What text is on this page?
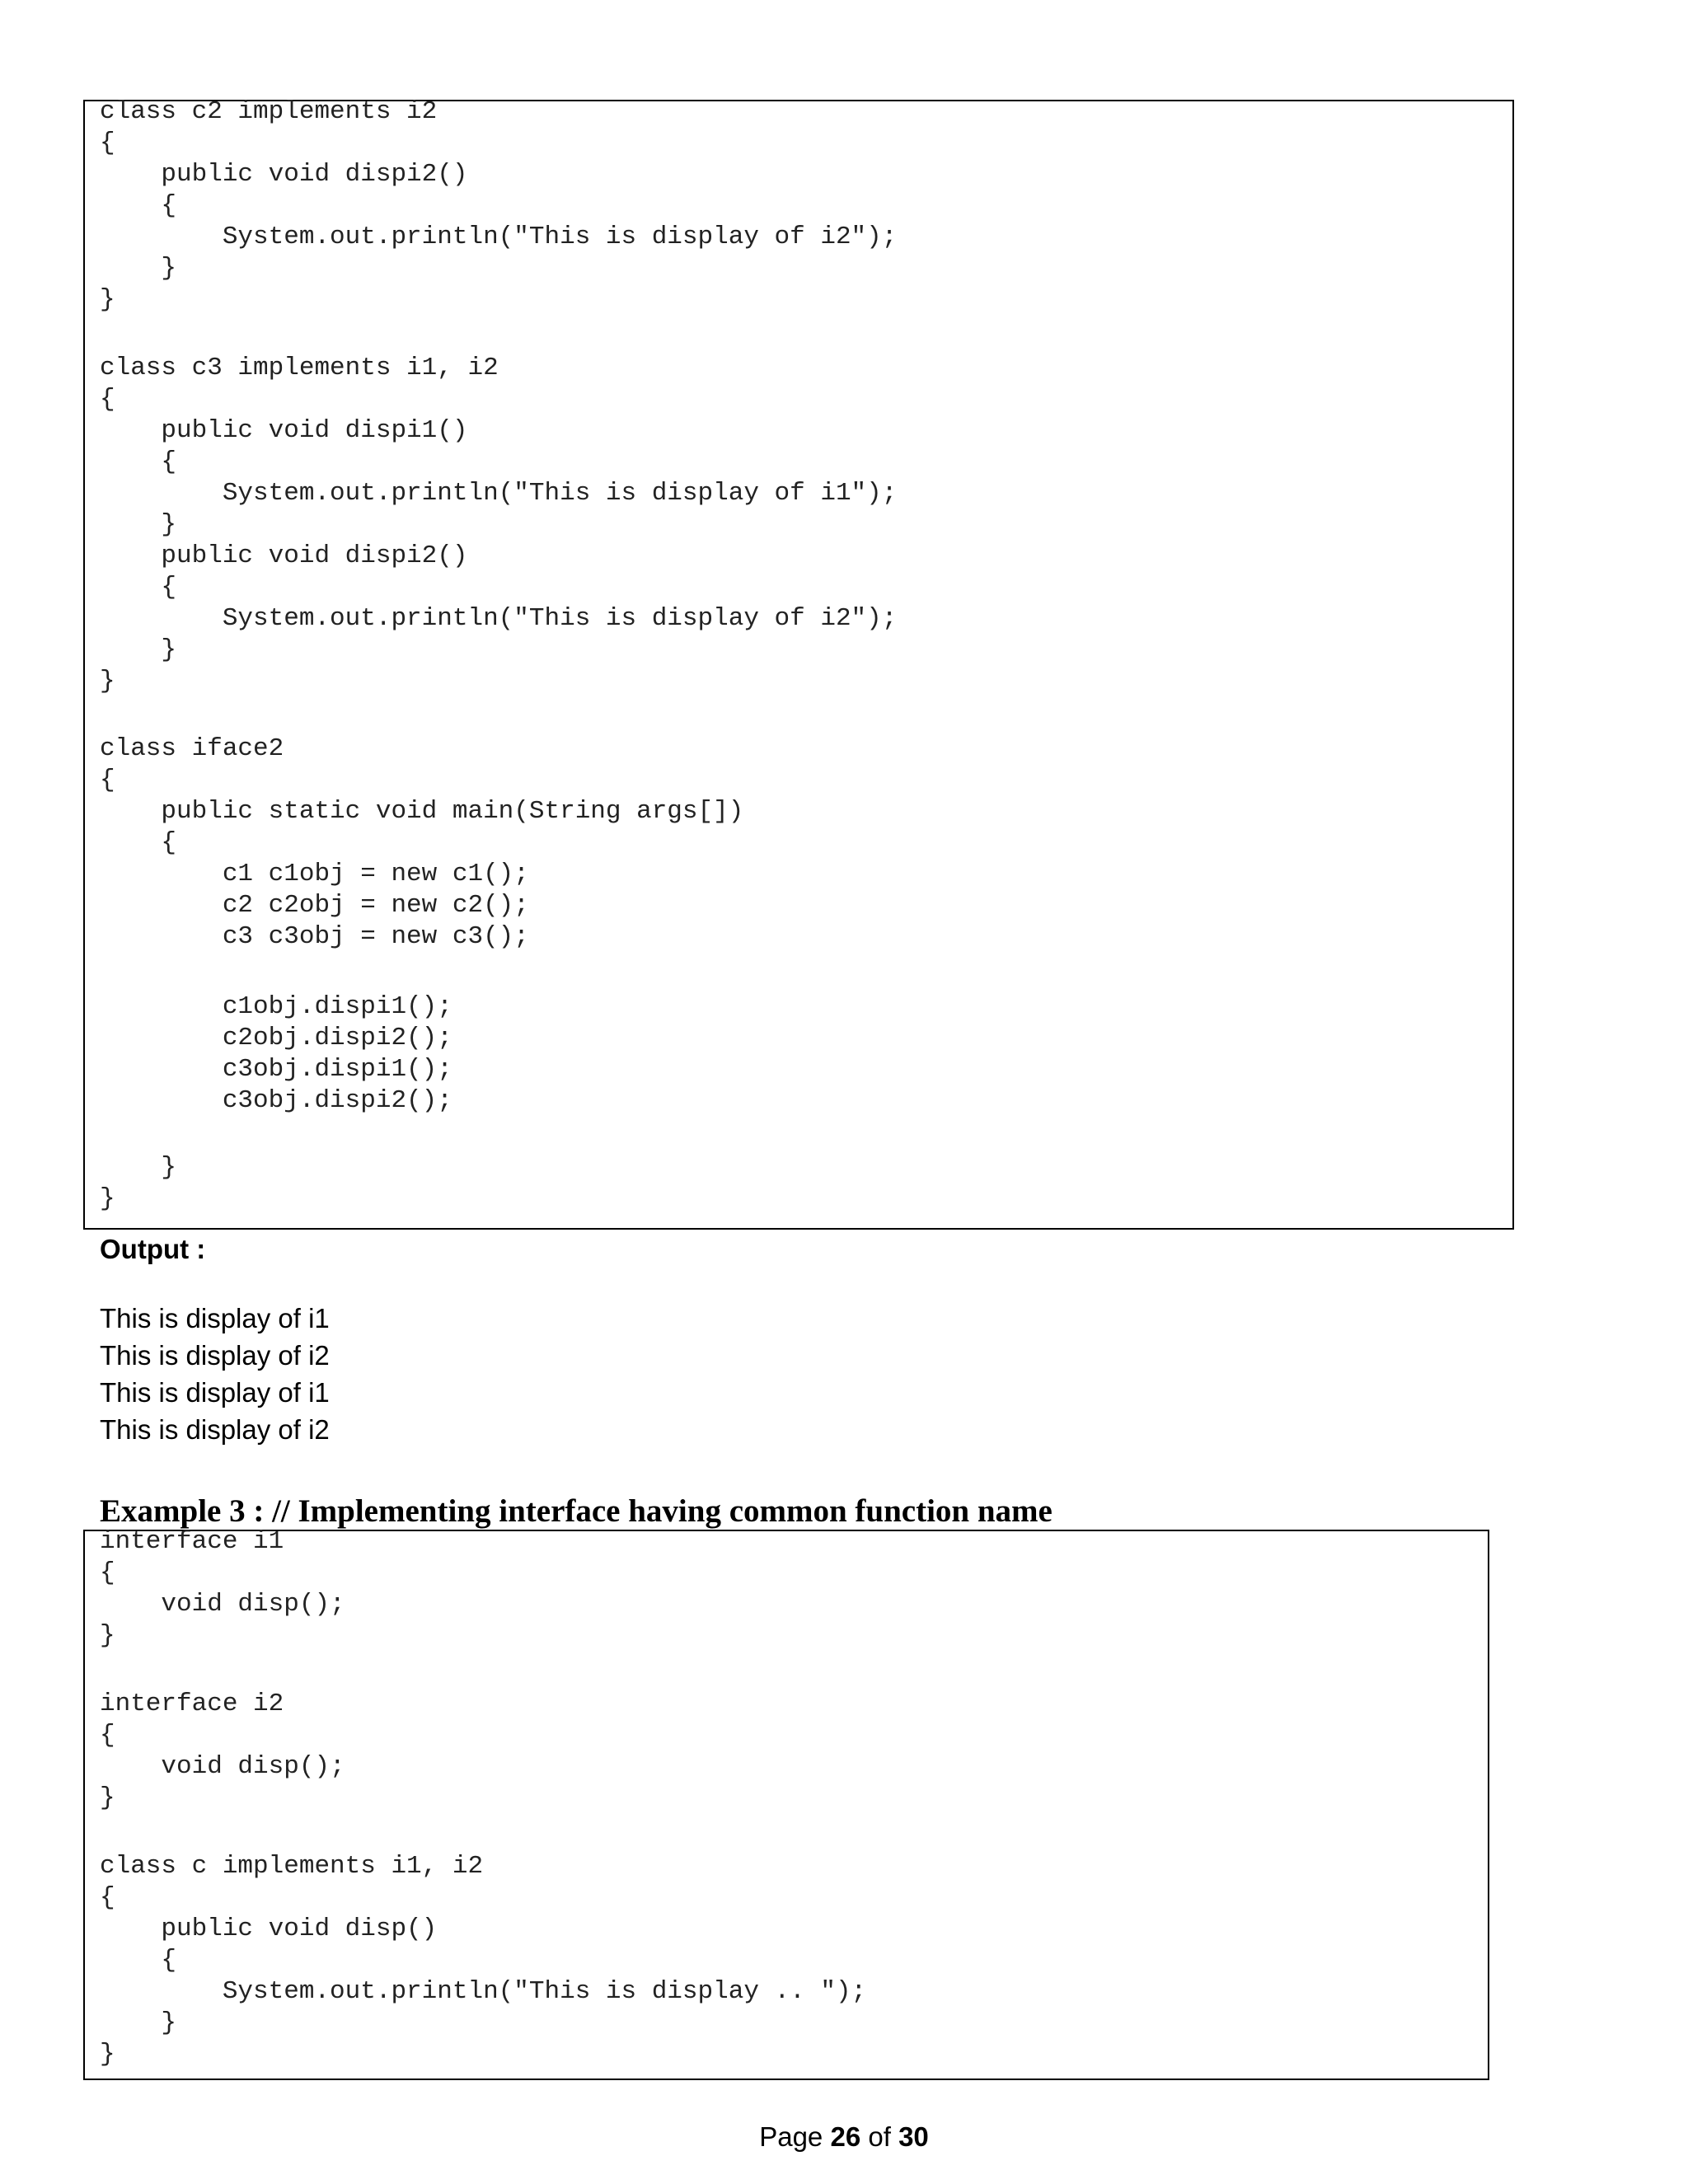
class c2 implements i2
{
public void dispi2()
{
System.out.println("This is display of i2");
}
}
class c3 implements i1, i2
{
public void dispi1()
{
System.out.println("This is display of i1");
}
public void dispi2()
{
System.out.println("This is display of i2");
}
}
class iface2
{
public static void main(String args[])
{
c1 c1obj = new c1();
c2 c2obj = new c2();
c3 c3obj = new c3();
c1obj.dispi1();
c2obj.dispi2();
c3obj.dispi1();
c3obj.dispi2();
}
}
Output :
This is display of i1
This is display of i2
This is display of i1
This is display of i2
Example 3 : // Implementing interface having common function name
interface i1
{
void disp();
}
interface i2
{
void disp();
}
class c implements i1, i2
{
public void disp()
{
System.out.println("This is display .. ");
}
}
Page 26 of 30
